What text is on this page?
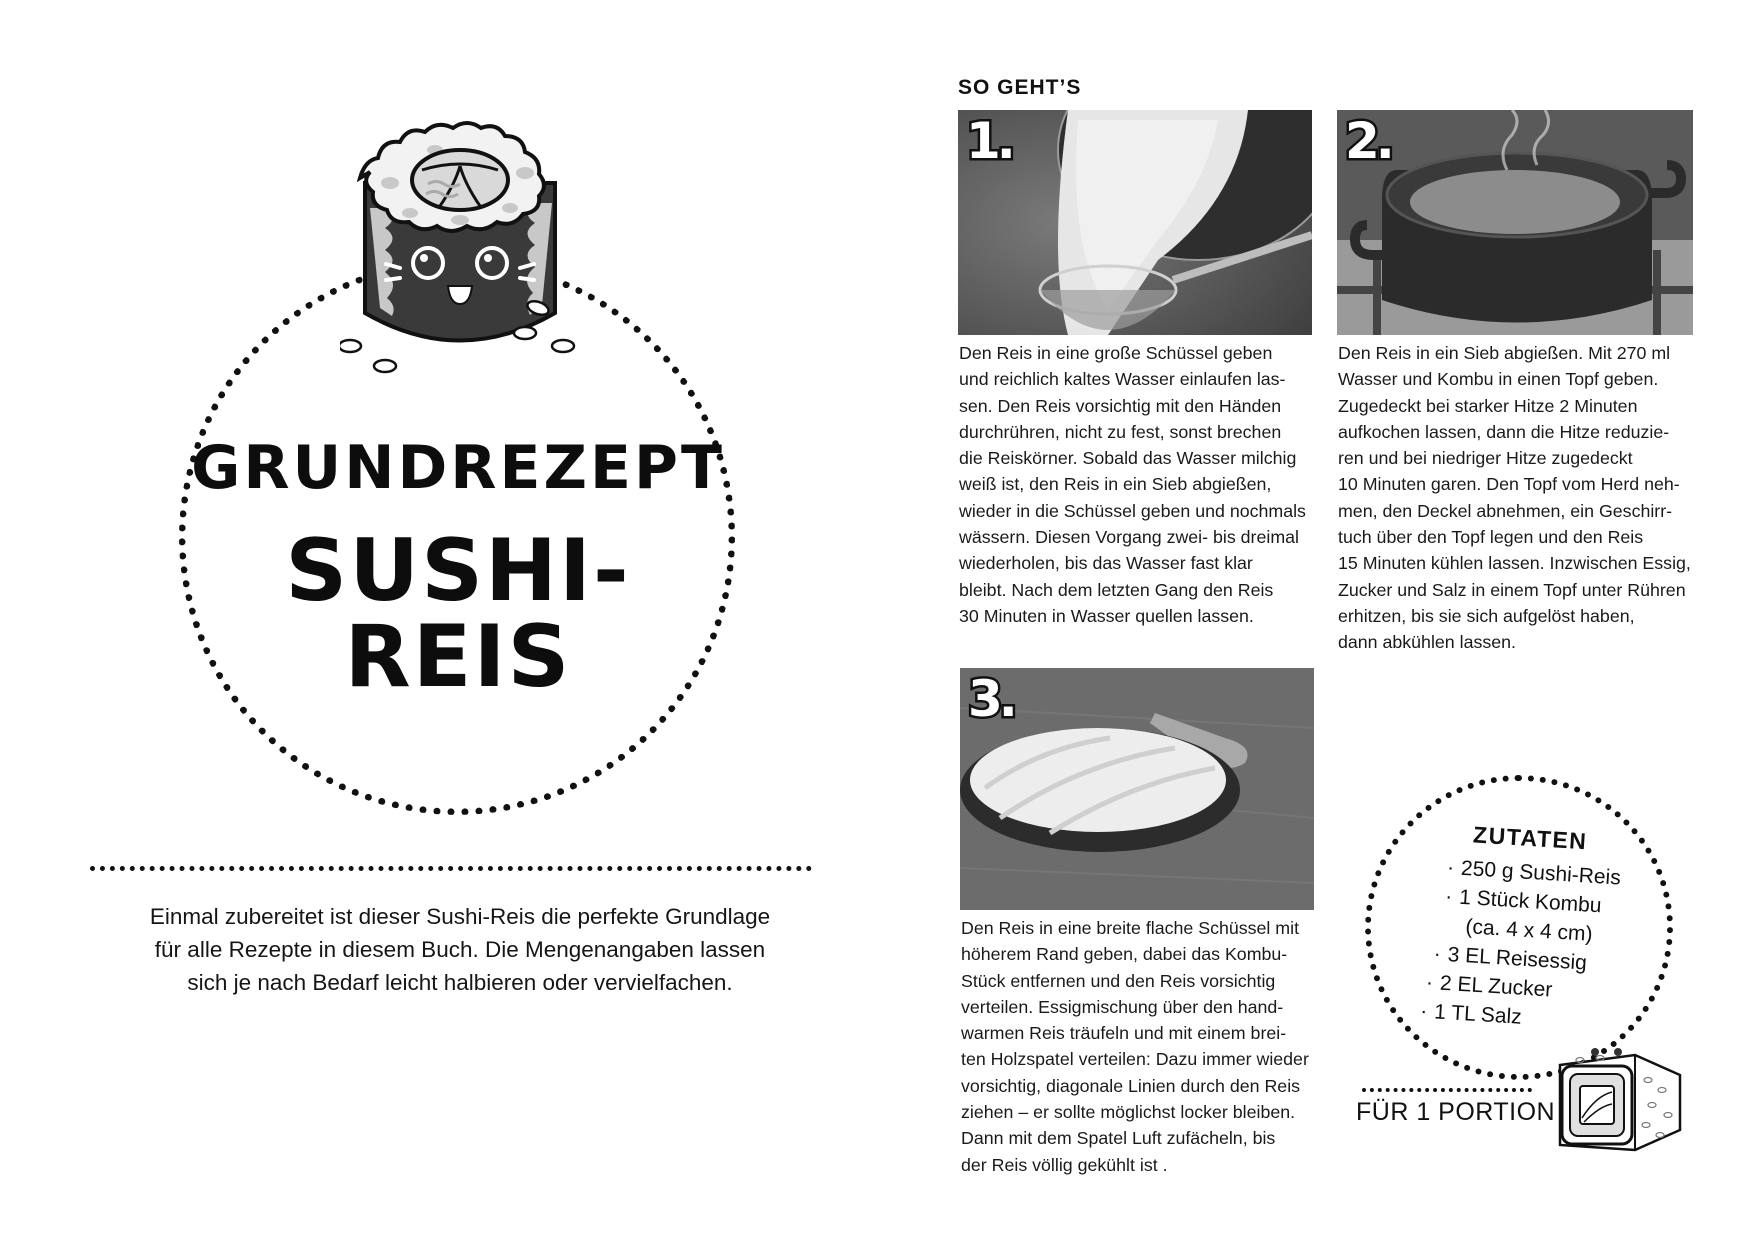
GRUNDREZEPT
SUSHI-REIS
Einmal zubereitet ist dieser Sushi-Reis die perfekte Grundlage
für alle Rezepte in diesem Buch. Die Mengenangaben lassen
sich je nach Bedarf leicht halbieren oder vervielfachen.
SO GEHT’S
1.	2.
3.
Den Reis in eine große Schüssel geben
und reichlich kaltes Wasser einlaufen las-
sen. Den Reis vorsichtig mit den Händen
durchrühren, nicht zu fest, sonst brechen
die Reiskörner. Sobald das Wasser milchig
weiß ist, den Reis in ein Sieb abgießen,
wieder in die Schüssel geben und nochmals
wässern. Diesen Vorgang zwei- bis dreimal
wiederholen, bis das Wasser fast klar
bleibt. Nach dem letzten Gang den Reis
30 Minuten in Wasser quellen lassen.
Den Reis in ein Sieb abgießen. Mit 270 ml
Wasser und Kombu in einen Topf geben.
Zugedeckt bei starker Hitze 2 Minuten
aufkochen lassen, dann die Hitze reduzie-
ren und bei niedriger Hitze zugedeckt
10 Minuten garen. Den Topf vom Herd neh-
men, den Deckel abnehmen, ein Geschirr-
tuch über den Topf legen und den Reis
15 Minuten kühlen lassen. Inzwischen Essig,
Zucker und Salz in einem Topf unter Rühren
erhitzen, bis sie sich aufgelöst haben,
dann abkühlen lassen.
Den Reis in eine breite flache Schüssel mit
höherem Rand geben, dabei das Kombu-
Stück entfernen und den Reis vorsichtig
verteilen. Essigmischung über den hand-
warmen Reis träufeln und mit einem brei-
ten Holzspatel verteilen: Dazu immer wieder
vorsichtig, diagonale Linien durch den Reis
ziehen – er sollte möglichst locker bleiben.
Dann mit dem Spatel Luft zufächeln, bis
der Reis völlig gekühlt ist .
ZUTATEN
· 250 g Sushi-Reis
· 1 Stück Kombu
(ca. 4 x 4 cm)
· 3 EL Reisessig
· 2 EL Zucker
· 1 TL Salz
FÜR 1 PORTION
